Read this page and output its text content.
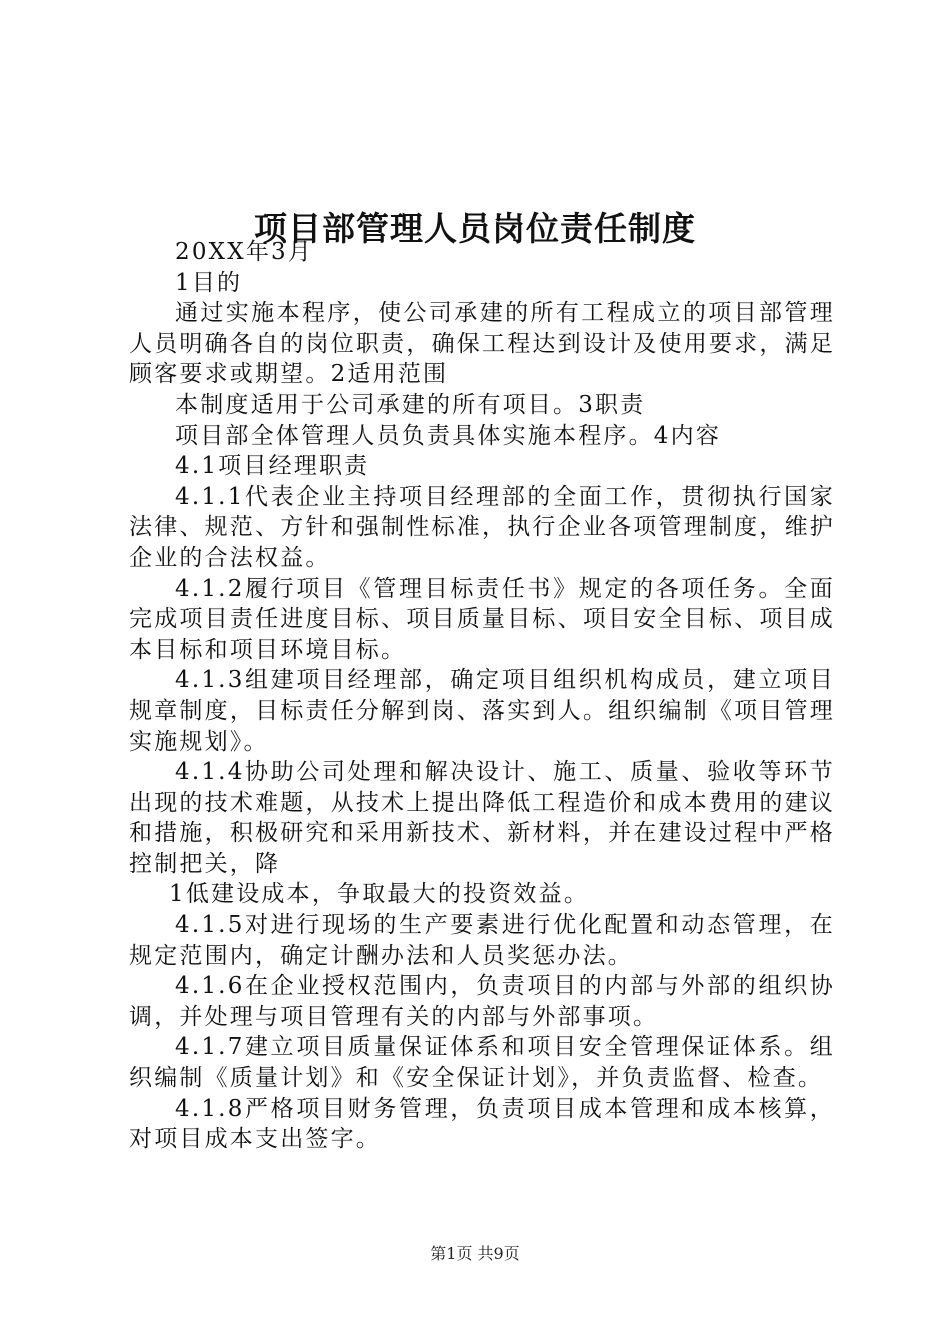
项目部管理人员岗位责任制度

20XX年3月

1目的

通过实施本程序，使公司承建的所有工程成立的项目部管理人员明确各自的岗位职责，确保工程达到设计及使用要求，满足顾客要求或期望。2适用范围

本制度适用于公司承建的所有项目。3职责

项目部全体管理人员负责具体实施本程序。4内容

4.1项目经理职责

4.1.1代表企业主持项目经理部的全面工作，贯彻执行国家法律、规范、方针和强制性标准，执行企业各项管理制度，维护企业的合法权益。

4.1.2履行项目《管理目标责任书》规定的各项任务。全面完成项目责任进度目标、项目质量目标、项目安全目标、项目成本目标和项目环境目标。

4.1.3组建项目经理部，确定项目组织机构成员，建立项目规章制度，目标责任分解到岗、落实到人。组织编制《项目管理实施规划》。

4.1.4协助公司处理和解决设计、施工、质量、验收等环节出现的技术难题，从技术上提出降低工程造价和成本费用的建议和措施，积极研究和采用新技术、新材料，并在建设过程中严格控制把关，降

1低建设成本，争取最大的投资效益。

4.1.5对进行现场的生产要素进行优化配置和动态管理，在规定范围内，确定计酬办法和人员奖惩办法。

4.1.6在企业授权范围内，负责项目的内部与外部的组织协调，并处理与项目管理有关的内部与外部事项。

4.1.7建立项目质量保证体系和项目安全管理保证体系。组织编制《质量计划》和《安全保证计划》，并负责监督、检查。

4.1.8严格项目财务管理，负责项目成本管理和成本核算，对项目成本支出签字。

第1页 共9页
